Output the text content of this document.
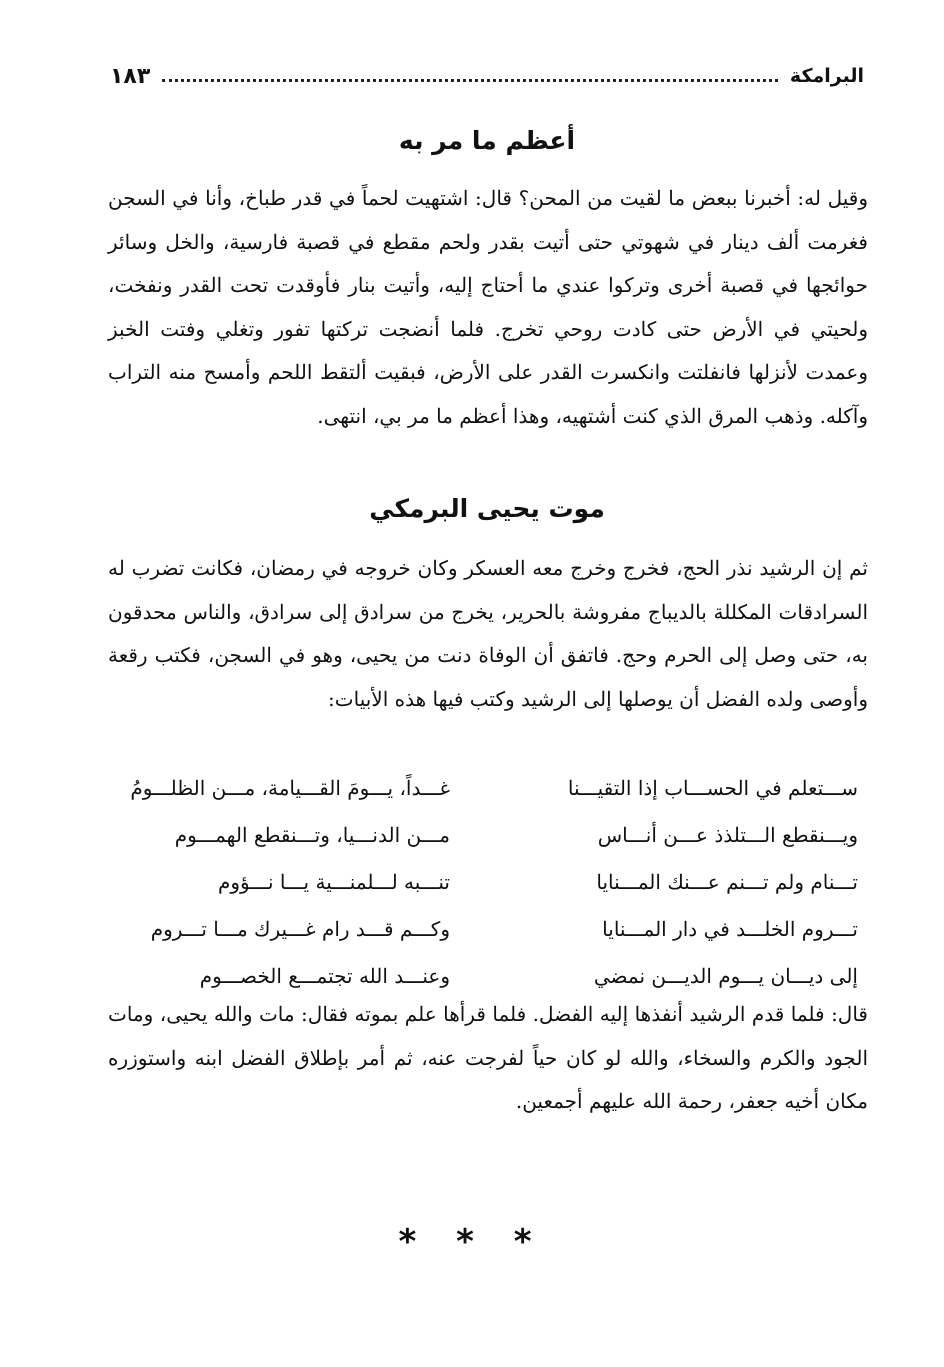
١٨٣	البرامكة
أعظم ما مر به
وقيل له: أخبرنا ببعض ما لقيت من المحن؟ قال: اشتهيت لحماً في قدر طباخ، وأنا في السجن فغرمت ألف دينار في شهوتي حتى أتيت بقدر ولحم مقطع في قصبة فارسية، والخل وسائر حوائجها في قصبة أخرى وتركوا عندي ما أحتاج إليه، وأتيت بنار فأوقدت تحت القدر ونفخت، ولحيتي في الأرض حتى كادت روحي تخرج. فلما أنضجت تركتها تفور وتغلي وفتت الخبز وعمدت لأنزلها فانفلتت وانكسرت القدر على الأرض، فبقيت ألتقط اللحم وأمسح منه التراب وآكله. وذهب المرق الذي كنت أشتهيه، وهذا أعظم ما مر بي، انتهى.
موت يحيى البرمكي
ثم إن الرشيد نذر الحج، فخرج وخرج معه العسكر وكان خروجه في رمضان، فكانت تضرب له السرادقات المكللة بالديباج مفروشة بالحرير، يخرج من سرادق إلى سرادق، والناس محدقون به، حتى وصل إلى الحرم وحج. فاتفق أن الوفاة دنت من يحيى، وهو في السجن، فكتب رقعة وأوصى ولده الفضل أن يوصلها إلى الرشيد وكتب فيها هذه الأبيات:
ســـتعلم في الحســـاب إذا التقيـــنا
غـــداً، يـــومَ القـــيامة، مـــن الظلـــومُ
ويـــنقطع الـــتلذذ عـــن أنـــاس
مـــن الدنـــيا، وتـــنقطع الهمـــوم
تـــنام ولم تـــنم عـــنك المـــنايا
تنـــبه لـــلمنـــية يـــا نـــؤوم
تـــروم الخلـــد في دار المـــنايا
وكـــم قـــد رام غـــيرك مـــا تـــروم
إلى ديـــان يـــوم الديـــن نمضي
وعنـــد الله تجتمـــع الخصـــوم
قال: فلما قدم الرشيد أنفذها إليه الفضل. فلما قرأها علم بموته فقال: مات والله يحيى، ومات الجود والكرم والسخاء، والله لو كان حياً لفرجت عنه، ثم أمر بإطلاق الفضل ابنه واستوزره مكان أخيه جعفر، رحمة الله عليهم أجمعين.
* * *
